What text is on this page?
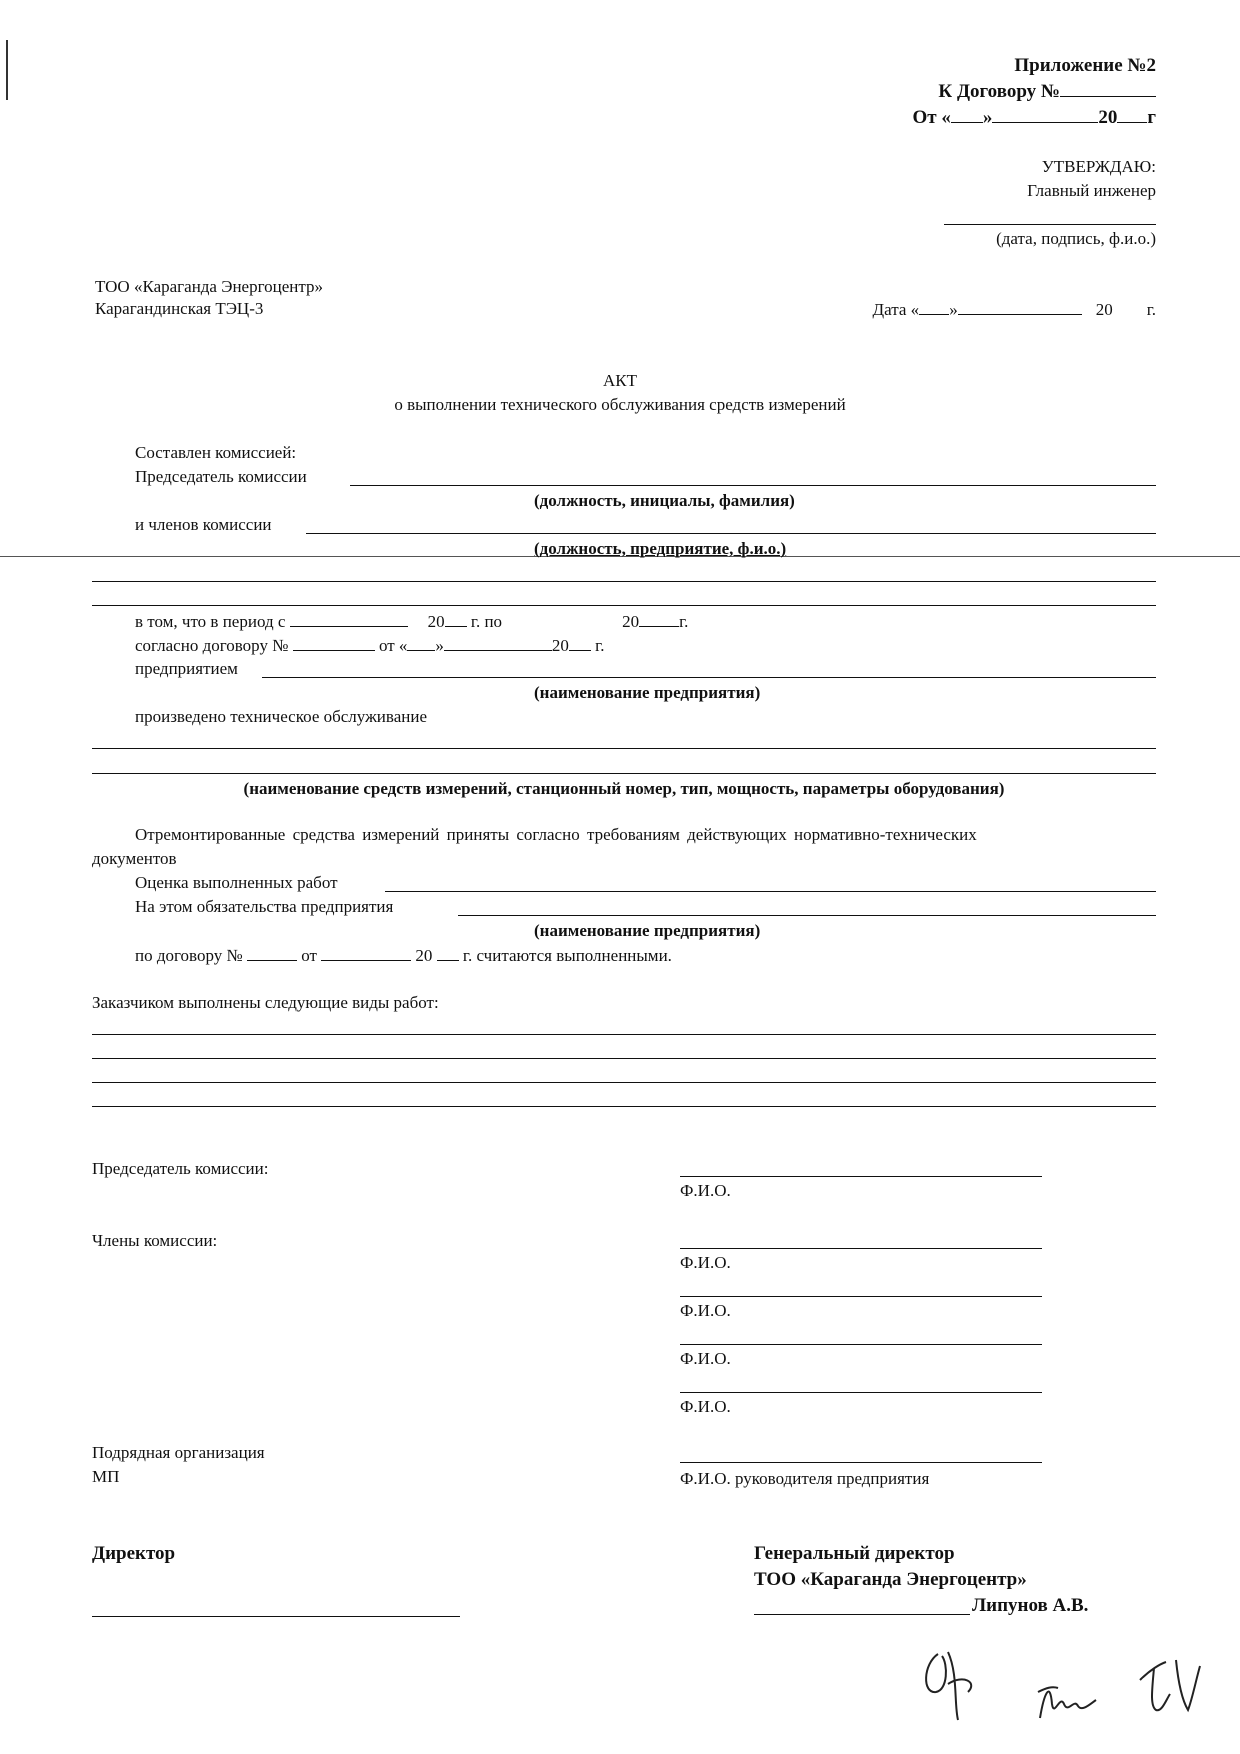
Приложение №2
К Договору №
От « »	20 г
УТВЕРЖДАЮ:
Главный инженер
(дата, подпись, ф.и.о.)
ТОО «Караганда Энергоцентр»
Карагандинская ТЭЦ-3	Дата « »	20 г.
АКТ
о выполнении технического обслуживания средств измерений
Составлен комиссией:
Председатель комиссии
(должность, инициалы, фамилия)
и членов комиссии
(должность, предприятие, ф.и.о.)
в том, что в период с	20 г. по	20 г.
согласно договору №	от « »	20 г.
предприятием
(наименование предприятия)
произведено техническое обслуживание
(наименование средств измерений, станционный номер, тип, мощность, параметры оборудования)
Отремонтированные средства измерений приняты согласно требованиям действующих нормативно-технических
документов
Оценка выполненных работ
На этом обязательства предприятия
(наименование предприятия)
по договору №	от	20 г. считаются выполненными.
Заказчиком выполнены следующие виды работ:
Председатель комиссии:
Ф.И.О.
Члены комиссии:
Ф.И.О.
Ф.И.О.
Ф.И.О.
Ф.И.О.
Подрядная организация
МП	Ф.И.О. руководителя предприятия
Директор	Генеральный директор
ТОО «Караганда Энергоцентр»
Липунов А.В.
